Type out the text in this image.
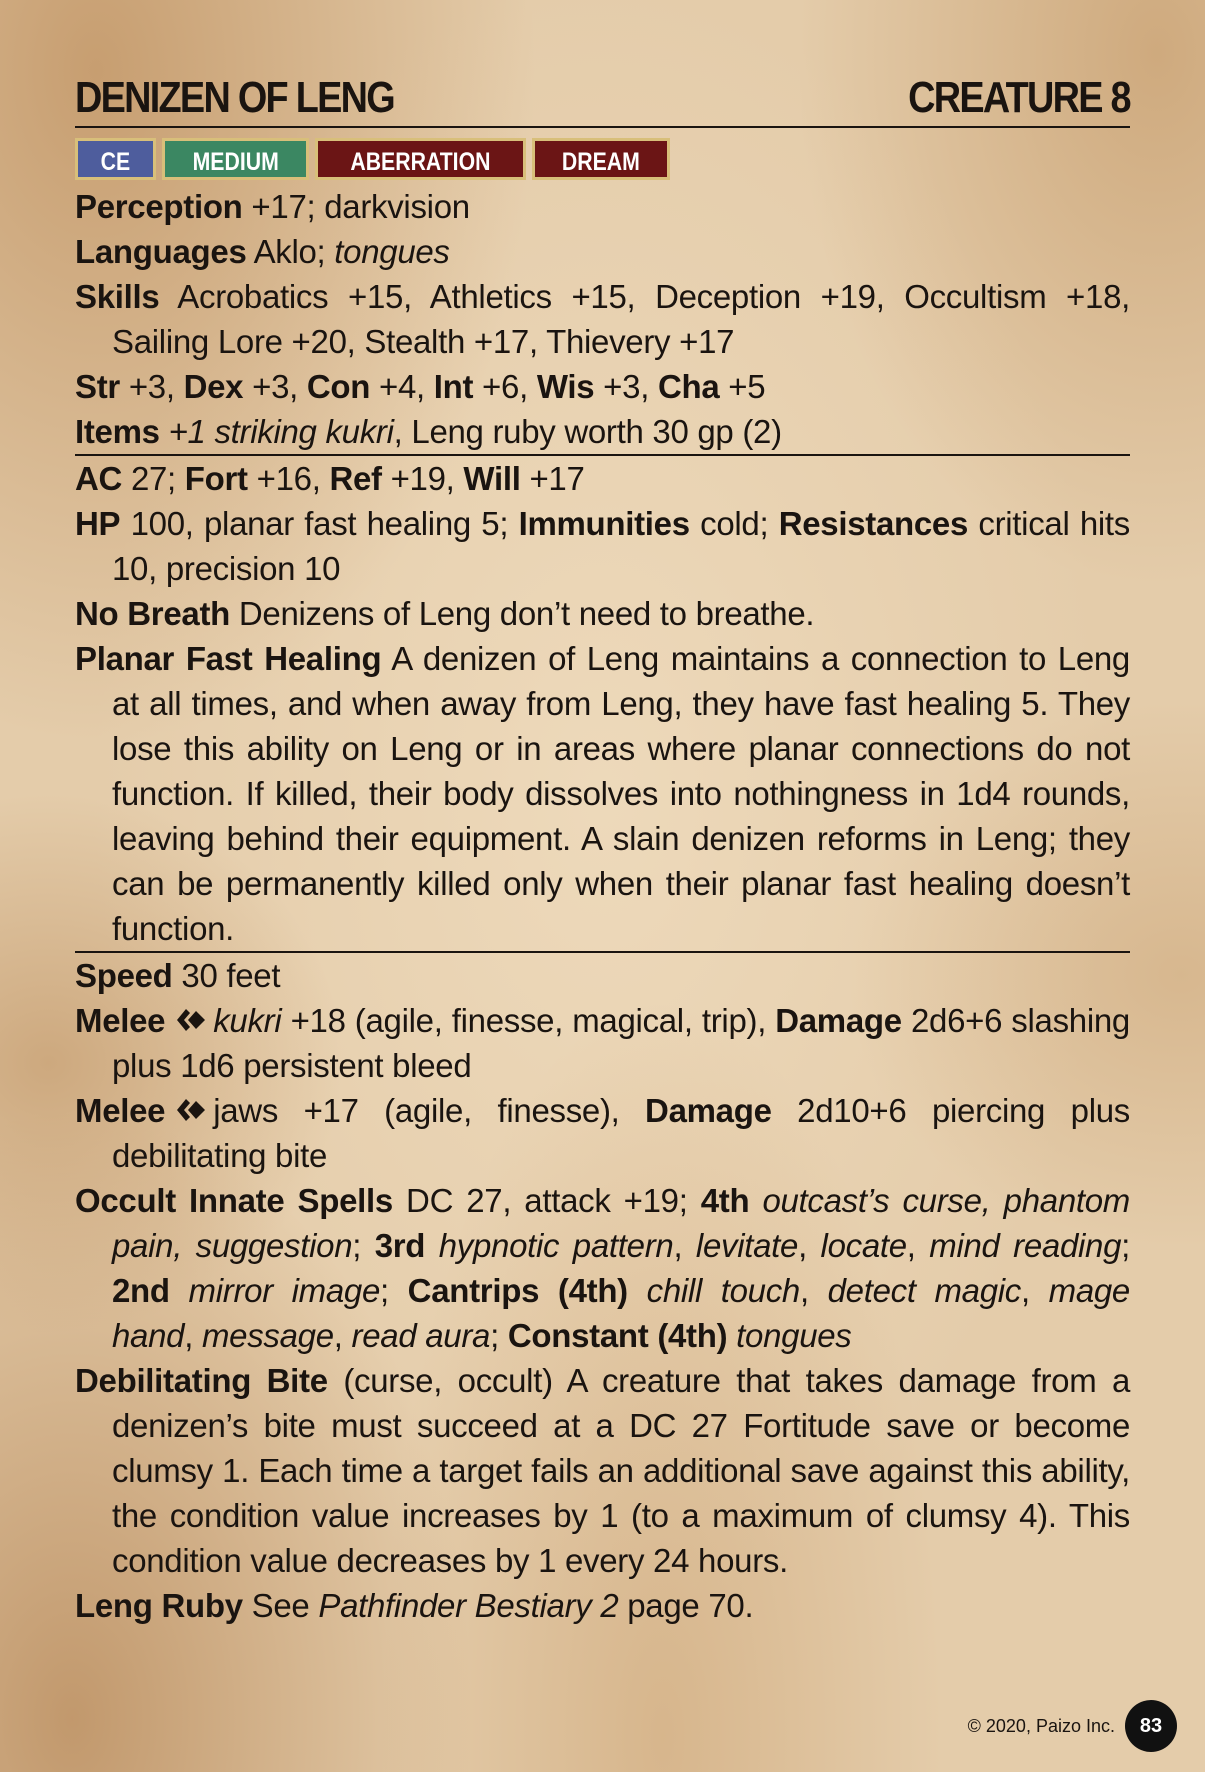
DENIZEN OF LENG	CREATURE 8
CE	MEDIUM	ABERRATION	DREAM
Perception +17; darkvision
Languages Aklo; tongues
Skills Acrobatics +15, Athletics +15, Deception +19, Occultism +18, Sailing Lore +20, Stealth +17, Thievery +17
Str +3, Dex +3, Con +4, Int +6, Wis +3, Cha +5
Items +1 striking kukri, Leng ruby worth 30 gp (2)
AC 27; Fort +16, Ref +19, Will +17
HP 100, planar fast healing 5; Immunities cold; Resistances critical hits 10, precision 10
No Breath Denizens of Leng don’t need to breathe.
Planar Fast Healing A denizen of Leng maintains a connection to Leng at all times, and when away from Leng, they have fast healing 5. They lose this ability on Leng or in areas where planar connections do not function. If killed, their body dissolves into nothingness in 1d4 rounds, leaving behind their equipment. A slain denizen reforms in Leng; they can be permanently killed only when their planar fast healing doesn’t function.
Speed 30 feet
Melee kukri +18 (agile, finesse, magical, trip), Damage 2d6+6 slashing plus 1d6 persistent bleed
Melee jaws +17 (agile, finesse), Damage 2d10+6 piercing plus debilitating bite
Occult Innate Spells DC 27, attack +19; 4th outcast’s curse, phantom pain, suggestion; 3rd hypnotic pattern, levitate, locate, mind reading; 2nd mirror image; Cantrips (4th) chill touch, detect magic, mage hand, message, read aura; Constant (4th) tongues
Debilitating Bite (curse, occult) A creature that takes damage from a denizen’s bite must succeed at a DC 27 Fortitude save or become clumsy 1. Each time a target fails an additional save against this ability, the condition value increases by 1 (to a maximum of clumsy 4). This condition value decreases by 1 every 24 hours.
Leng Ruby See Pathfinder Bestiary 2 page 70.
© 2020, Paizo Inc.	83
